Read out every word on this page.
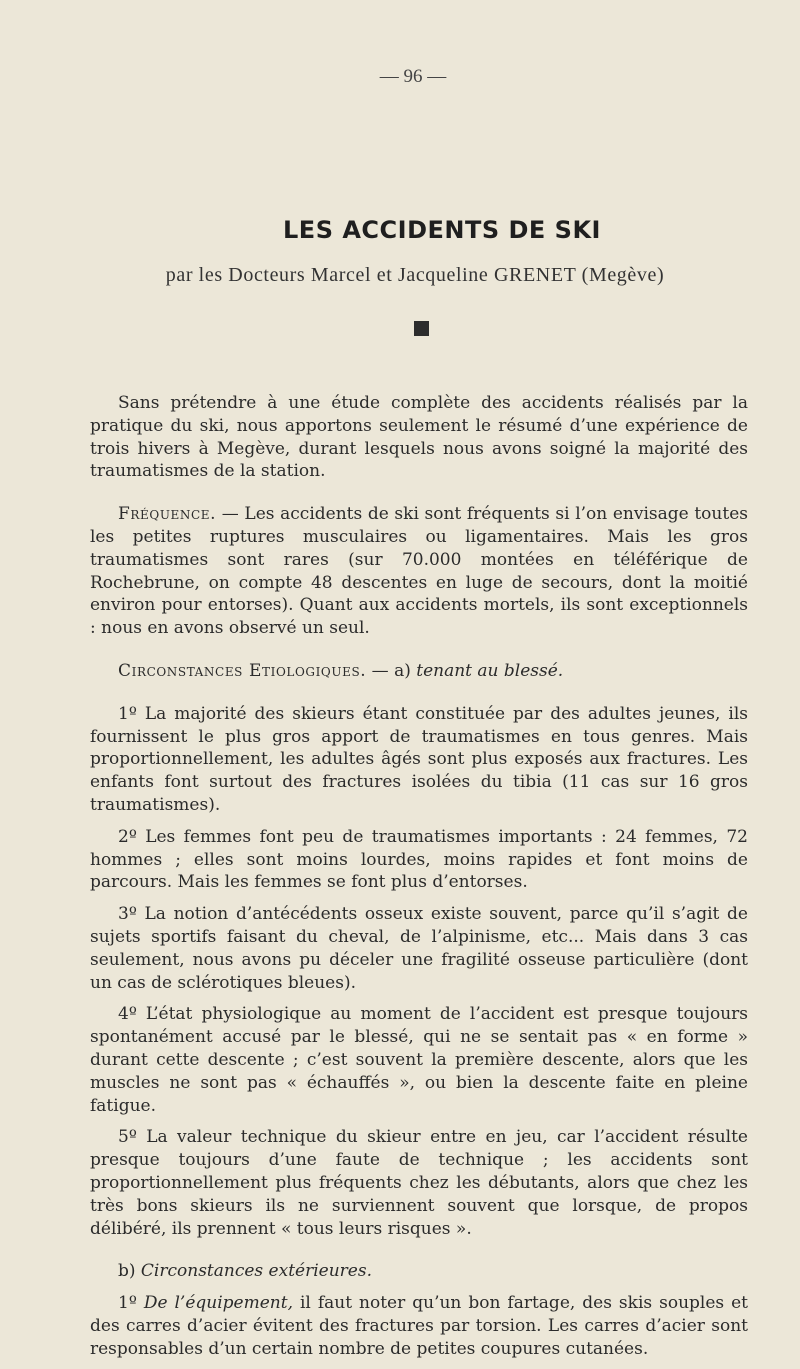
— 96 —
LES ACCIDENTS DE SKI
par les Docteurs Marcel et Jacqueline GRENET (Megève)

Sans prétendre à une étude complète des accidents réalisés par la pratique du ski, nous apportons seulement le résumé d’une expérience de trois hivers à Megève, durant lesquels nous avons soigné la majorité des traumatismes de la station.

Fréquence. — Les accidents de ski sont fréquents si l’on envisage toutes les petites ruptures musculaires ou ligamentaires. Mais les gros traumatismes sont rares (sur 70.000 montées en téléférique de Rochebrune, on compte 48 descentes en luge de secours, dont la moitié environ pour entorses). Quant aux accidents mortels, ils sont exceptionnels : nous en avons observé un seul.

Circonstances Etiologiques. — a) tenant au blessé.

1º La majorité des skieurs étant constituée par des adultes jeunes, ils fournissent le plus gros apport de traumatismes en tous genres. Mais proportionnellement, les adultes âgés sont plus exposés aux fractures. Les enfants font surtout des fractures isolées du tibia (11 cas sur 16 gros traumatismes).

2º Les femmes font peu de traumatismes importants : 24 femmes, 72 hommes ; elles sont moins lourdes, moins rapides et font moins de parcours. Mais les femmes se font plus d’entorses.

3º La notion d’antécédents osseux existe souvent, parce qu’il s’agit de sujets sportifs faisant du cheval, de l’alpinisme, etc... Mais dans 3 cas seulement, nous avons pu déceler une fragilité osseuse particulière (dont un cas de sclérotiques bleues).

4º L’état physiologique au moment de l’accident est presque toujours spontanément accusé par le blessé, qui ne se sentait pas « en forme » durant cette descente ; c’est souvent la première descente, alors que les muscles ne sont pas « échauffés », ou bien la descente faite en pleine fatigue.

5º La valeur technique du skieur entre en jeu, car l’accident résulte presque toujours d’une faute de technique ; les accidents sont proportionnellement plus fréquents chez les débutants, alors que chez les très bons skieurs ils ne surviennent souvent que lorsque, de propos délibéré, ils prennent « tous leurs risques ».

b) Circonstances extérieures.

1º De l’équipement, il faut noter qu’un bon fartage, des skis souples et des carres d’acier évitent des fractures par torsion. Les carres d’acier sont responsables d’un certain nombre de petites coupures cutanées.
